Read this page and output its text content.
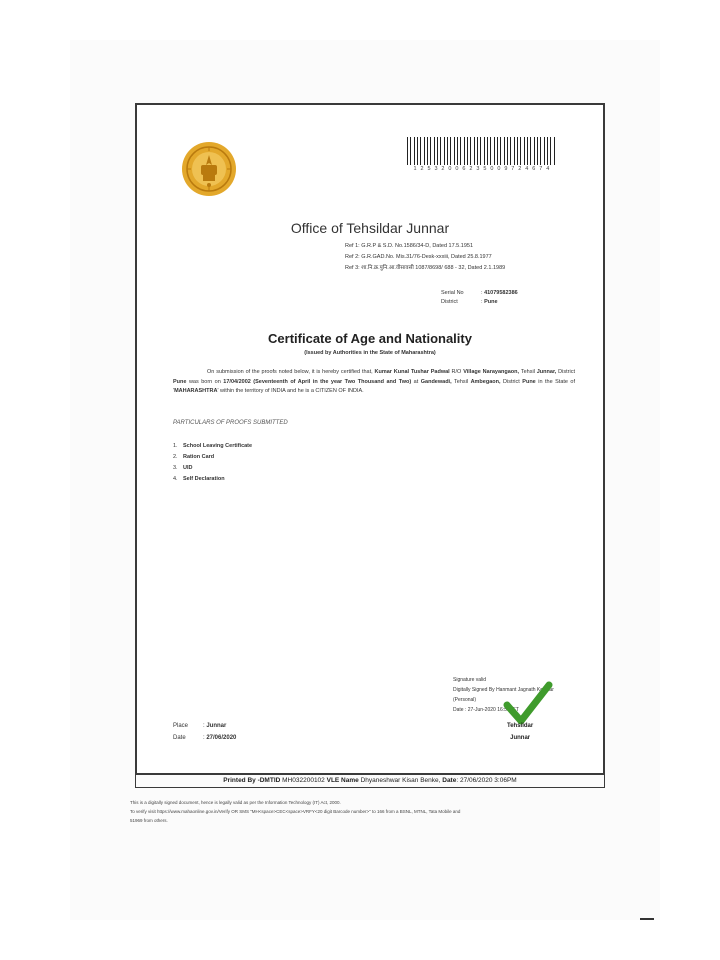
1 2 5 3 2 0 0 6 2 3 5 0 0 9 7 2 4 6 7 4
Office of Tehsildar Junnar
Ref 1: G.R.P & S.D. No.1586/34-D, Dated 17.5.1951
Ref 2: G.R.GAD.No. Mis.31/76-Desk-xxxiii, Dated 25.8.1977
Ref 3: शा.नि.क्र.पुनि.आ.वीसावसी 1087/8698/ 688 - 32, Dated 2.1.1989
Serial No	: 41079582386
District	: Pune
Certificate of Age and Nationality
(Issued by Authorities in the State of Maharashtra)
On submission of the proofs noted below, it is hereby certified that, Kumar Kunal Tushar Padwal R/O Village Narayangaon, Tehsil Junnar, District Pune was born on 17/04/2002 (Seventeenth of April in the year Two Thousand and Two) at Gandewadi, Tehsil Ambegaon, District Pune in the State of 'MAHARASHTRA' within the territory of INDIA and he is a CITIZEN OF INDIA.
PARTICULARS OF PROOFS SUBMITTED
1. School Leaving Certificate
2. Ration Card
3. UID
4. Self Declaration
Signature valid
Digitally Signed By Hanmant Jagnath Kolekar
(Personal)
Date : 27-Jun-2020 16:55 IST
Tehsildar
Junnar
Place : Junnar
Date	: 27/06/2020
Printed By -DMTID MH032200102 VLE Name Dhyaneshwar Kisan Benke, Date: 27/06/2020 3:06PM
This is a digitally signed document, hence is legally valid as per the Information Technology (IT) Act, 2000.
To verify visit https://www.mahaonline.gov.in/Verify OR SMS "MH<space>CEC<space>VRFY<20 digit Barcode number>" to 166 from a BSNL, MTNL, Tata Mobile and
51969 from others.
